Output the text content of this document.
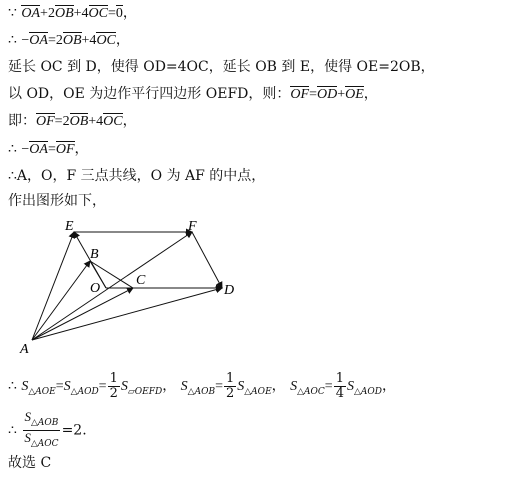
∵ OA+2OB+4OC=0，
∴ −OA=2OB+4OC，
延长 OC 到 D，使得 OD=4OC，延长 OB 到 E，使得 OE=2OB，
以 OD，OE 为边作平行四边形 OEFD，则：OF=OD+OE，
即：OF=2OB+4OC，
∴ −OA=OF，
∴A，O，F 三点共线，O 为 AF 的中点，
作出图形如下，
E	F
B
O
C
D
A
∴ $S_{\triangle AOE}=S_{\triangle AOD}= \frac{1}{2} S_{▱OEFD}$， $S_{\triangle AOB}= \frac{1}{2} S_{\triangle AOE}$， $S_{\triangle AOC}= \frac{1}{4} S_{\triangle AOD}$，
∴ $\frac{S_{\triangle AOB}}{S_{\triangle AOC}} =2$.
故选 C
